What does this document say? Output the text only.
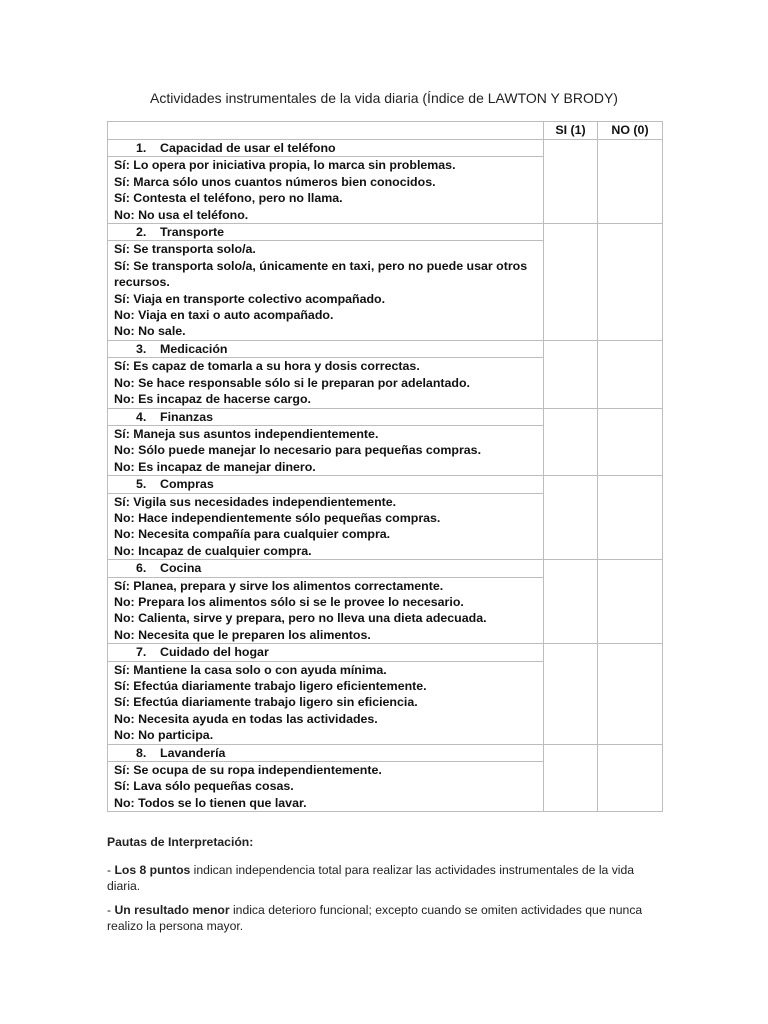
Actividades instrumentales de la vida diaria (Índice de LAWTON Y BRODY)
	SI (1)	NO (0)
1. Capacidad de usar el teléfono		

Sí: Lo opera por iniciativa propia, lo marca sin problemas.
Sí: Marca sólo unos cuantos números bien conocidos.
Sí: Contesta el teléfono, pero no llama.
No: No usa el teléfono.		

2. Transporte		

Sí: Se transporta solo/a.
Sí: Se transporta solo/a, únicamente en taxi, pero no puede usar otros recursos.
Sí: Viaja en transporte colectivo acompañado.
No: Viaja en taxi o auto acompañado.
No: No sale.		

3. Medicación		

Sí: Es capaz de tomarla a su hora y dosis correctas.
No: Se hace responsable sólo si le preparan por adelantado.
No: Es incapaz de hacerse cargo.		

4. Finanzas		

Sí: Maneja sus asuntos independientemente.
No: Sólo puede manejar lo necesario para pequeñas compras.
No: Es incapaz de manejar dinero.		

5. Compras		

Sí: Vigila sus necesidades independientemente.
No: Hace independientemente sólo pequeñas compras.
No: Necesita compañía para cualquier compra.
No: Incapaz de cualquier compra.		

6. Cocina		

Sí: Planea, prepara y sirve los alimentos correctamente.
No: Prepara los alimentos sólo si se le provee lo necesario.
No: Calienta, sirve y prepara, pero no lleva una dieta adecuada.
No: Necesita que le preparen los alimentos.		

7. Cuidado del hogar		

Sí: Mantiene la casa solo o con ayuda mínima.
Sí: Efectúa diariamente trabajo ligero eficientemente.
Sí: Efectúa diariamente trabajo ligero sin eficiencia.
No: Necesita ayuda en todas las actividades.
No: No participa.		

8. Lavandería		

Sí: Se ocupa de su ropa independientemente.
Sí: Lava sólo pequeñas cosas.
No: Todos se lo tienen que lavar.		

Pautas de Interpretación:

- Los 8 puntos indican independencia total para realizar las actividades instrumentales de la vida diaria.

- Un resultado menor indica deterioro funcional; excepto cuando se omiten actividades que nunca realizo la persona mayor.
